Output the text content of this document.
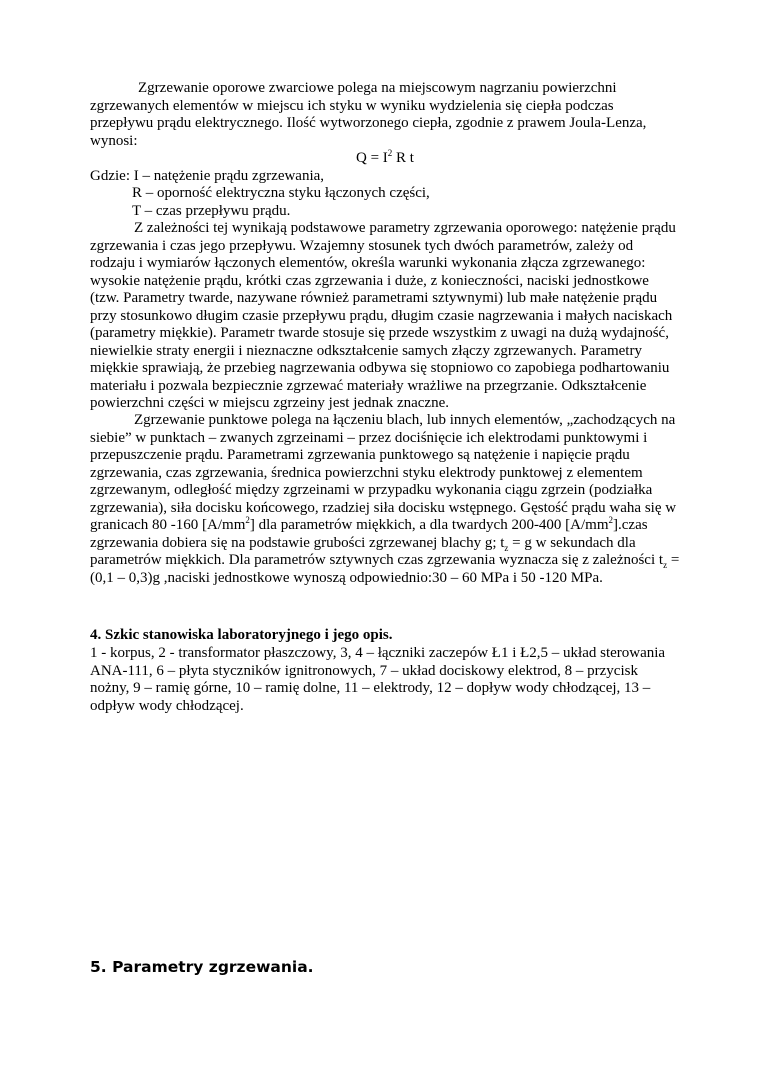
Zgrzewanie oporowe zwarciowe polega na miejscowym nagrzaniu powierzchni zgrzewanych elementów w miejscu ich styku w wyniku wydzielenia się ciepła podczas przepływu prądu elektrycznego. Ilość wytworzonego ciepła, zgodnie z prawem Joula-Lenza, wynosi:

$Q = I^2$ R t

Gdzie: I – natężenie prądu zgrzewania,

R – oporność elektryczna styku łączonych części,

T – czas przepływu prądu.

Z zależności tej wynikają podstawowe parametry zgrzewania oporowego: natężenie prądu zgrzewania i czas jego przepływu. Wzajemny stosunek tych dwóch parametrów, zależy od rodzaju i wymiarów łączonych elementów, określa warunki wykonania złącza zgrzewanego: wysokie natężenie prądu, krótki czas zgrzewania i duże, z konieczności, naciski jednostkowe (tzw. Parametry twarde, nazywane również parametrami sztywnymi) lub małe natężenie prądu przy stosunkowo długim czasie przepływu prądu, długim czasie nagrzewania i małych naciskach (parametry miękkie). Parametr twarde stosuje się przede wszystkim z uwagi na dużą wydajność, niewielkie straty energii i nieznaczne odkształcenie samych złączy zgrzewanych. Parametry miękkie sprawiają, że przebieg nagrzewania odbywa się stopniowo co zapobiega podhartowaniu materiału i pozwala bezpiecznie zgrzewać materiały wrażliwe na przegrzanie. Odkształcenie powierzchni części w miejscu zgrzeiny jest jednak znaczne.

Zgrzewanie punktowe polega na łączeniu blach, lub innych elementów, „zachodzących na siebie” w punktach – zwanych zgrzeinami – przez dociśnięcie ich elektrodami punktowymi i przepuszczenie prądu. Parametrami zgrzewania punktowego są natężenie i napięcie prądu zgrzewania, czas zgrzewania, średnica powierzchni styku elektrody punktowej z elementem zgrzewanym, odległość między zgrzeinami w przypadku wykonania ciągu zgrzein (podziałka zgrzewania), siła docisku końcowego, rzadziej siła docisku wstępnego. Gęstość prądu waha się w granicach 80 -160 $[A/mm^2]$ dla parametrów miękkich, a dla twardych 200-400 $[A/mm^2].czas$ zgrzewania dobiera się na podstawie grubości zgrzewanej blachy g; $t_z = g$ w sekundach dla parametrów miękkich. Dla parametrów sztywnych czas zgrzewania wyznacza się z zależności $t_z = (0,1 - 0,3)g$ ,naciski jednostkowe wynoszą odpowiednio:30 – 60 MPa i 50 -120 MPa.

4. Szkic stanowiska laboratoryjnego i jego opis.

1 - korpus, 2 - transformator płaszczowy, 3, 4 – łączniki zaczepów Ł1 i Ł2,5 – układ sterowania ANA-111, 6 – płyta styczników ignitronowych, 7 – układ dociskowy elektrod, 8 – przycisk nożny, 9 – ramię górne, 10 – ramię dolne, 11 – elektrody, 12 – dopływ wody chłodzącej, 13 – odpływ wody chłodzącej.

5. Parametry zgrzewania.
